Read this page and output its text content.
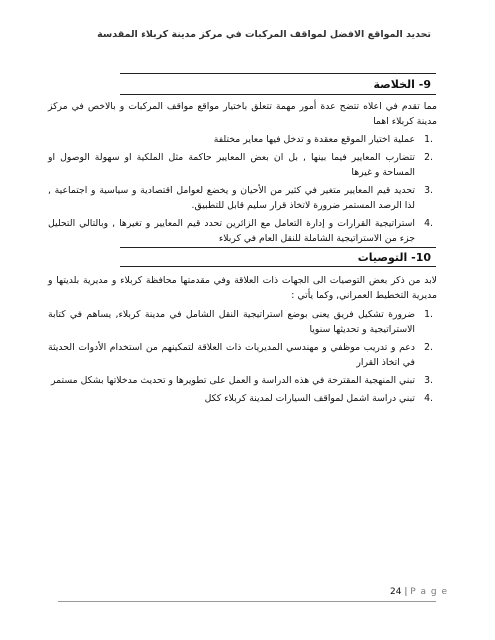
تحديد المواقع الافضل لمواقف المركبات في مركز مدينة كربلاء المقدسة
9- الخلاصة
مما تقدم في اعلاه تتضح عدة أمور مهمة تتعلق باختيار مواقع مواقف المركبات و بالاخص في مركز مدينة كربلاء اهما
1.
عملية اختيار الموقع معقدة و تدخل فيها معاير مختلفة
2.
تتضارب المعايير فيما بينها , بل ان بعض المعايير حاكمة مثل الملكية او سهولة الوصول او المساحة و غيرها
3.
تحديد قيم المعايير متغير في كثير من الأحيان و يخضع لعوامل اقتصادية و سياسية و اجتماعية , لذا الرصد المستمر ضرورة لاتخاذ قرار سليم قابل للتطبيق.
4.
استراتيجية القرارات و إدارة التعامل مع الزائرين تحدد قيم المعايير و تغيرها , وبالتالي التحليل جزء من الاستراتيجية الشاملة للنقل العام في كربلاء
10- التوصيات
لابد من ذكر بعض التوصيات الى الجهات ذات العلاقة وفي مقدمتها محافظة كربلاء و مديرية بلديتها و مديرية التخطيط العمراني, وكما يأتي :
1.
ضرورة تشكيل فريق يعنى بوضع استراتيجية النقل الشامل في مدينة كربلاء, يساهم في كتابة الاستراتيجية و تحديثها سنويا
2.
دعم و تدريب موظفي و مهندسي المديريات ذات العلاقة لتمكينهم من استخدام الأدوات الحديثة في اتخاذ القرار
3.
تبني المنهجية المقترحة في هذه الدراسة و العمل على تطويرها و تحديث مدخلاتها بشكل مستمر
4.
تبني دراسة اشمل لمواقف السيارات لمدينة كربلاء ككل
24 | P a g e
